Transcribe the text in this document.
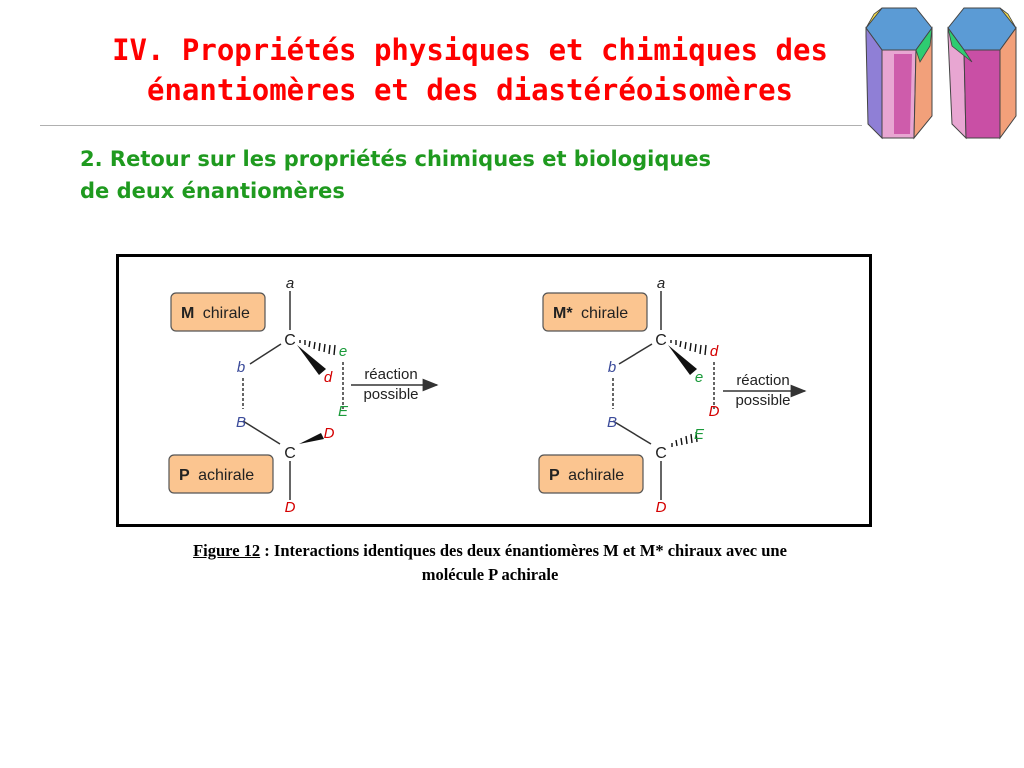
IV. Propriétés physiques et chimiques des
énantiomères et des diastéréoisomères
2. Retour sur les propriétés chimiques et biologiques
de deux énantiomères
M chirale
P achirale
C
C
a
b
B
e
d
E
D
D
réaction
possible
M* chirale
P achirale
C
C
a
b
B
d
e
D
E
D
réaction
possible
Figure 12 : Interactions identiques des deux énantiomères M et M* chiraux avec une
molécule P achirale
